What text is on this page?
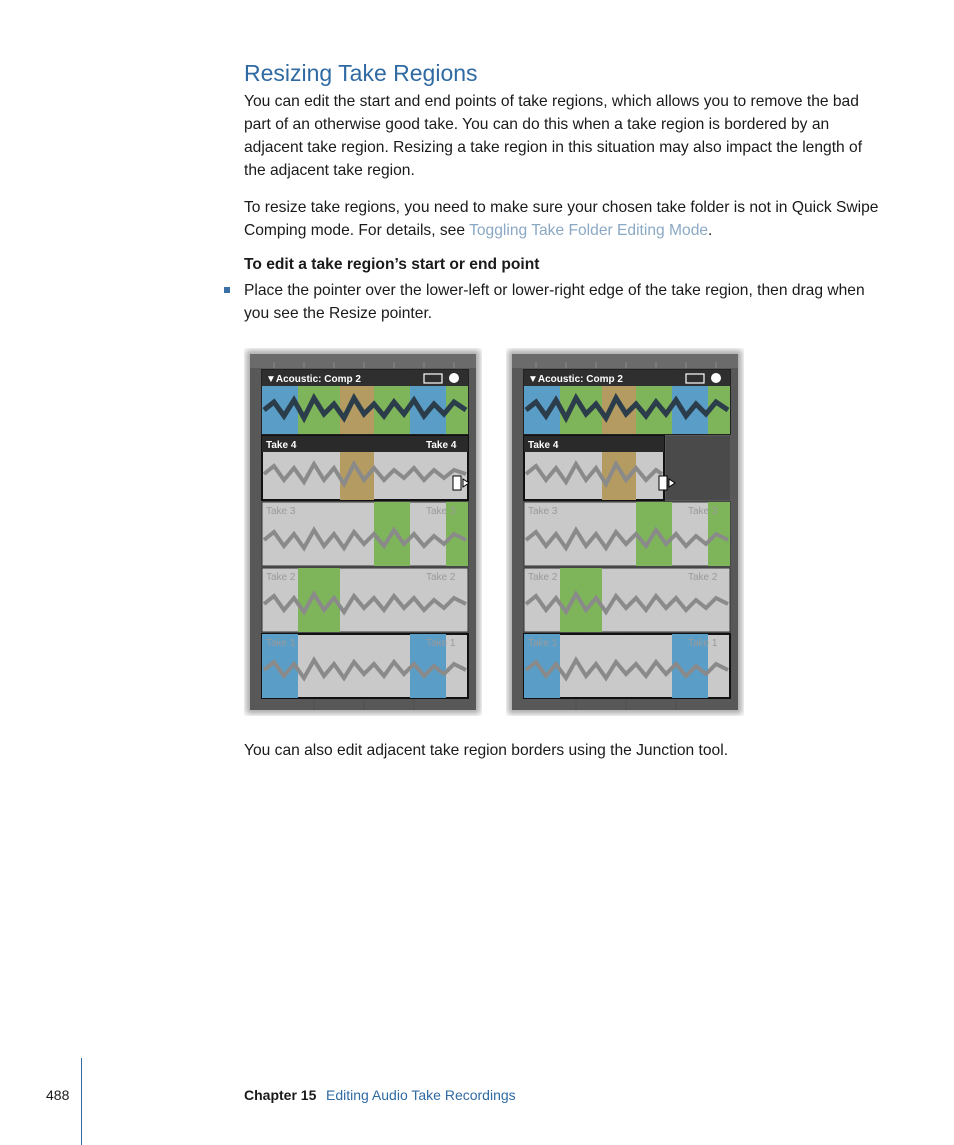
Resizing Take Regions

You can edit the start and end points of take regions, which allows you to remove the bad part of an otherwise good take. You can do this when a take region is bordered by an adjacent take region. Resizing a take region in this situation may also impact the length of the adjacent take region.

To resize take regions, you need to make sure your chosen take folder is not in Quick Swipe Comping mode. For details, see Toggling Take Folder Editing Mode.

To edit a take region’s start or end point

Place the pointer over the lower-left or lower-right edge of the take region, then drag when you see the Resize pointer.

▼Acoustic: Comp 2
Take 4	Take 4
Take 3	Take 3
Take 2	Take 2
Take 1	Take 1
▼Acoustic: Comp 2
Take 4
Take 3	Take 3
Take 2	Take 2
Take 1	Take 1

You can also edit adjacent take region borders using the Junction tool.

488	Chapter 15 Editing Audio Take Recordings
